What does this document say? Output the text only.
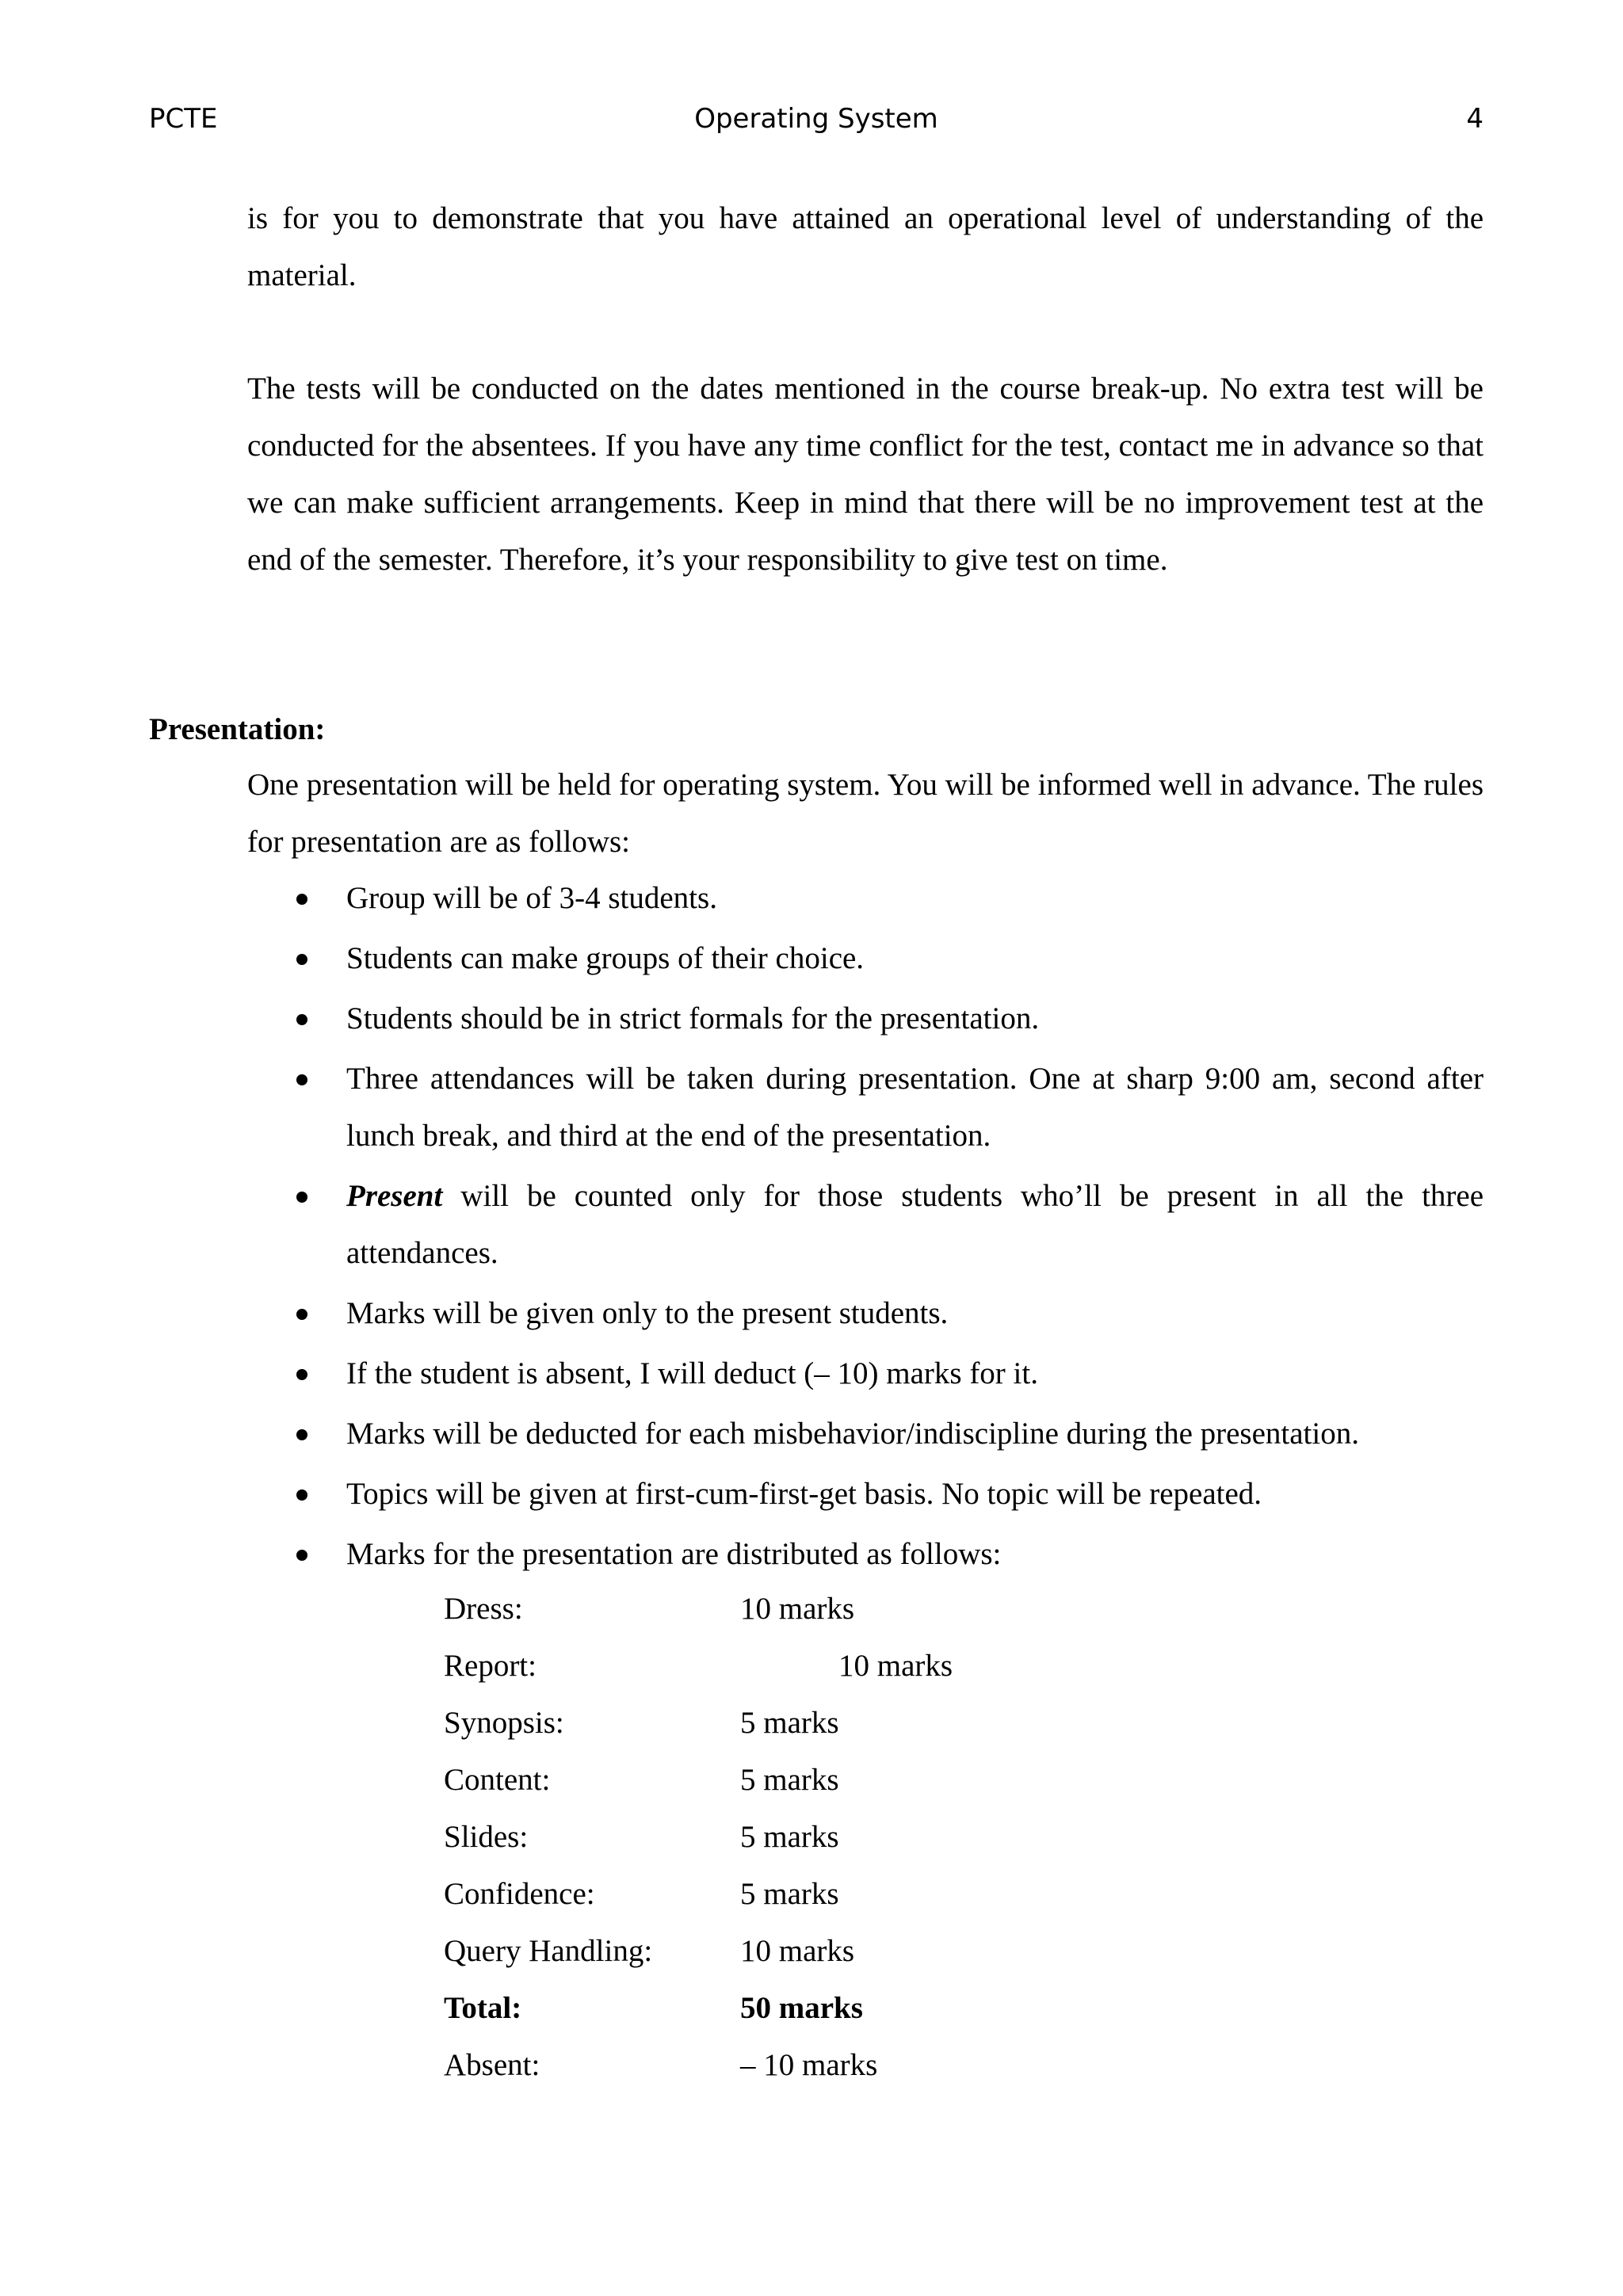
PCTE	Operating System	4
is for you to demonstrate that you have attained an operational level of understanding of the material.
The tests will be conducted on the dates mentioned in the course break-up. No extra test will be conducted for the absentees. If you have any time conflict for the test, contact me in advance so that we can make sufficient arrangements. Keep in mind that there will be no improvement test at the end of the semester. Therefore, it’s your responsibility to give test on time.
Presentation:
One presentation will be held for operating system. You will be informed well in advance. The rules for presentation are as follows:
Group will be of 3-4 students.
Students can make groups of their choice.
Students should be in strict formals for the presentation.
Three attendances will be taken during presentation. One at sharp 9:00 am, second after lunch break, and third at the end of the presentation.
Present will be counted only for those students who’ll be present in all the three attendances.
Marks will be given only to the present students.
If the student is absent, I will deduct (– 10) marks for it.
Marks will be deducted for each misbehavior/indiscipline during the presentation.
Topics will be given at first-cum-first-get basis. No topic will be repeated.
Marks for the presentation are distributed as follows:
Dress:	10 marks
Report:	10 marks
Synopsis:	5 marks
Content:	5 marks
Slides:	5 marks
Confidence:	5 marks
Query Handling:	10 marks
Total:	50 marks
Absent:	– 10 marks
